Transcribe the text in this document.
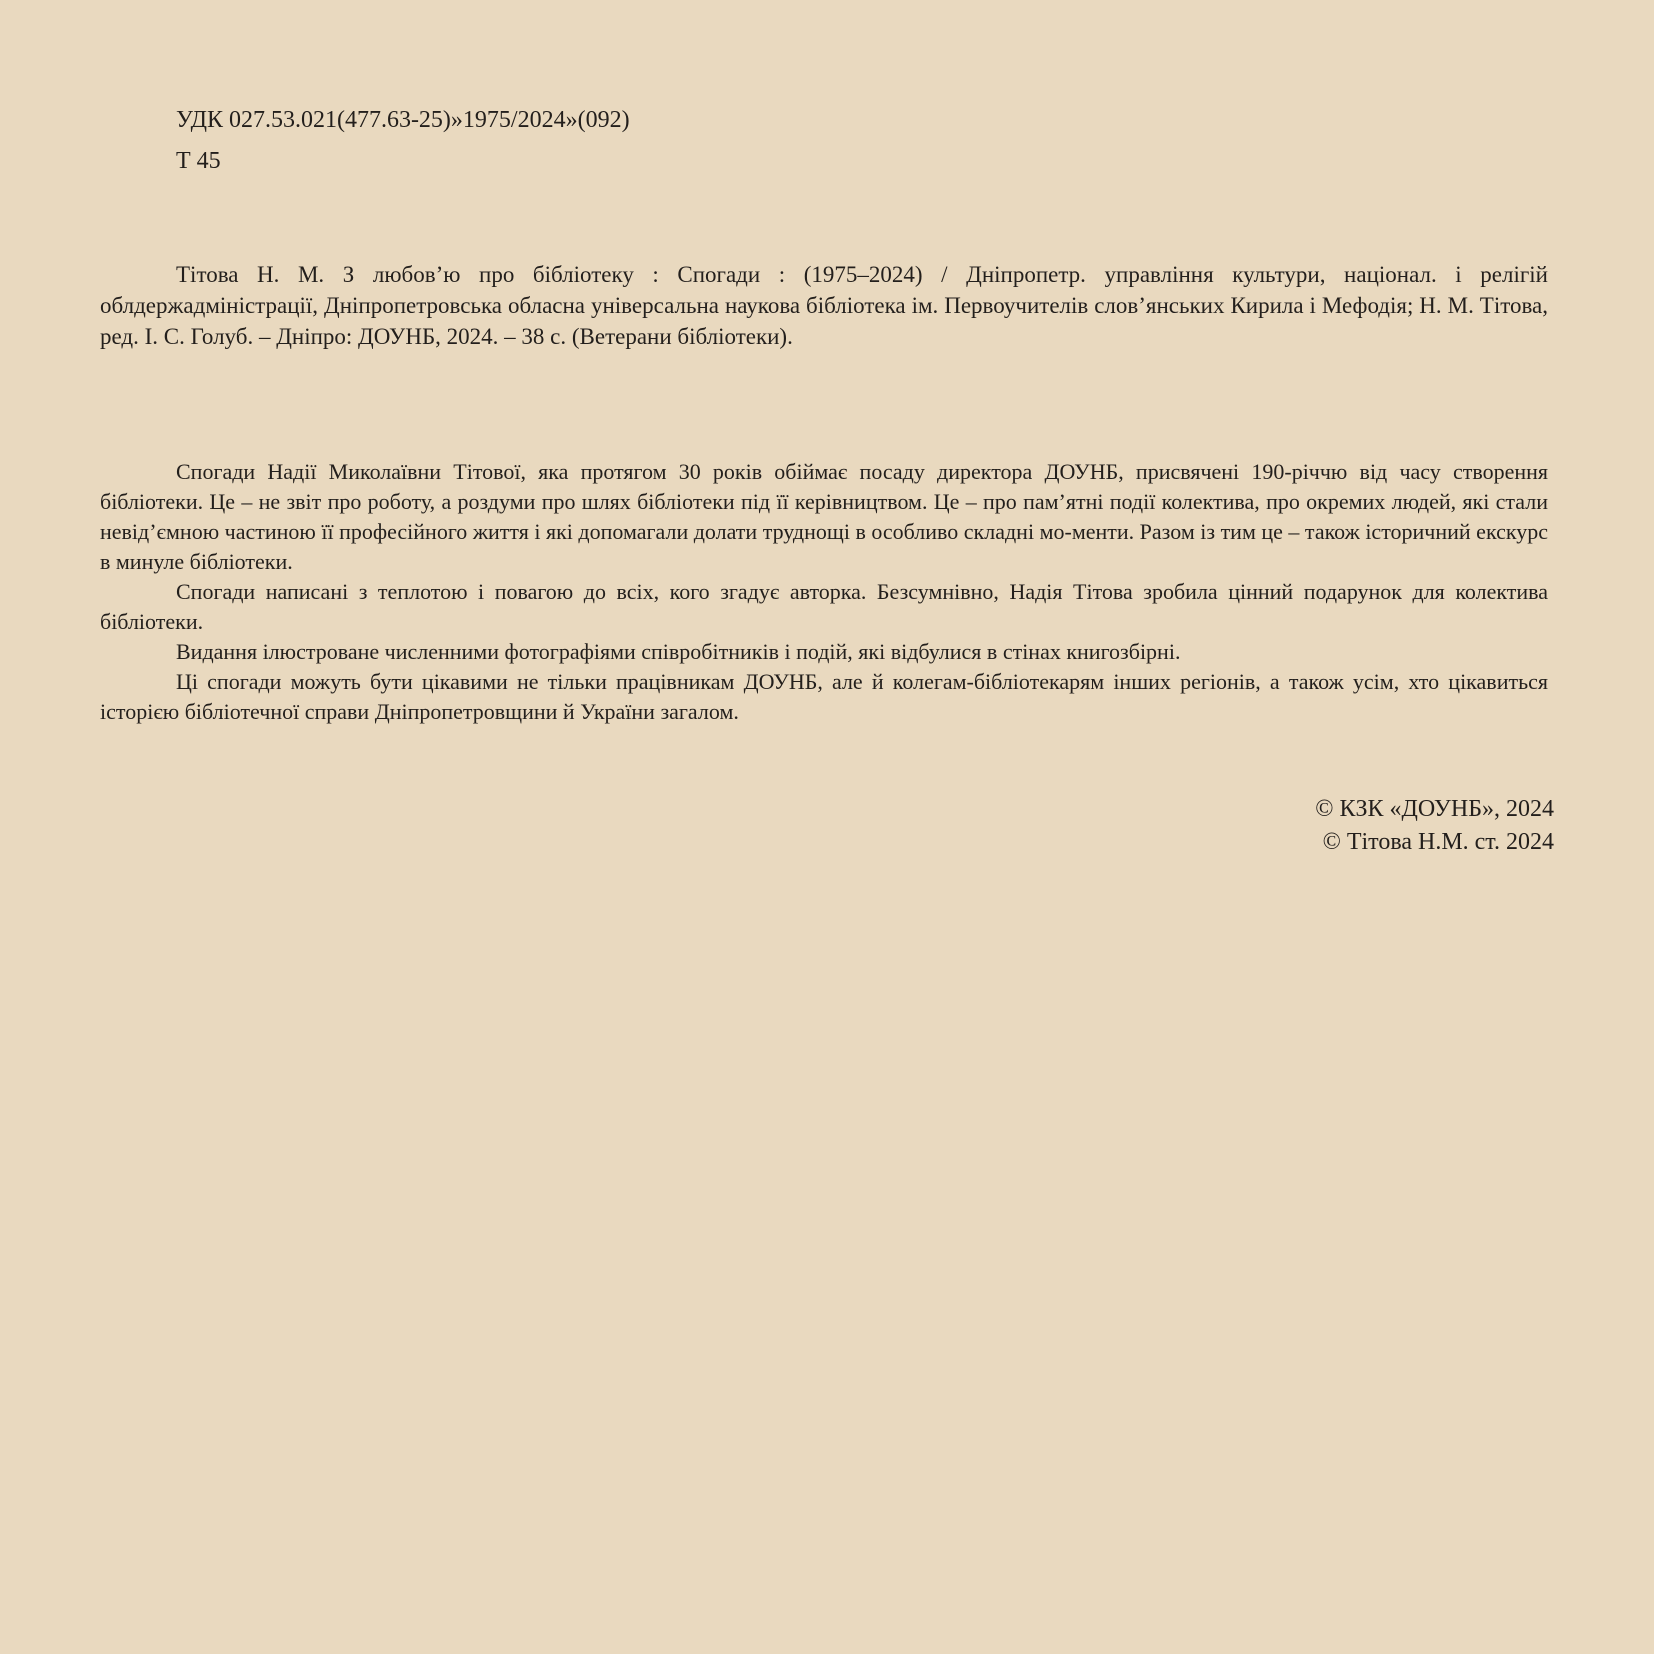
УДК 027.53.021(477.63-25)»1975/2024»(092)
Т 45

Тітова Н. М. З любов’ю про бібліотеку : Спогади : (1975–2024) / Дніпропетр. управління культури, націонал. і релігій облдержадміністрації, Дніпропетровська обласна універсальна наукова бібліотека ім. Первоучителів слов’янських Кирила і Мефодія; Н. М. Тітова, ред. І. С. Голуб. – Дніпро: ДОУНБ, 2024. – 38 с. (Ветерани бібліотеки).

Спогади Надії Миколаївни Тітової, яка протягом 30 років обіймає посаду директора ДОУНБ, присвячені 190-річчю від часу створення бібліотеки. Це – не звіт про роботу, а роздуми про шлях бібліотеки під її керівництвом. Це – про пам’ятні події колектива, про окремих людей, які стали невід’ємною частиною її професійного життя і які допомагали долати труднощі в особливо складні мо-менти. Разом із тим це – також історичний екскурс в минуле бібліотеки.

Спогади написані з теплотою і повагою до всіх, кого згадує авторка. Безсумнівно, Надія Тітова зробила цінний подарунок для колектива бібліотеки.

Видання ілюстроване численними фотографіями співробітників і подій, які відбулися в стінах книгозбірні.

Ці спогади можуть бути цікавими не тільки працівникам ДОУНБ, але й колегам-бібліотекарям інших регіонів, а також усім, хто цікавиться історією бібліотечної справи Дніпропетровщини й України загалом.

© КЗК «ДОУНБ», 2024
© Тітова Н.М. ст. 2024
